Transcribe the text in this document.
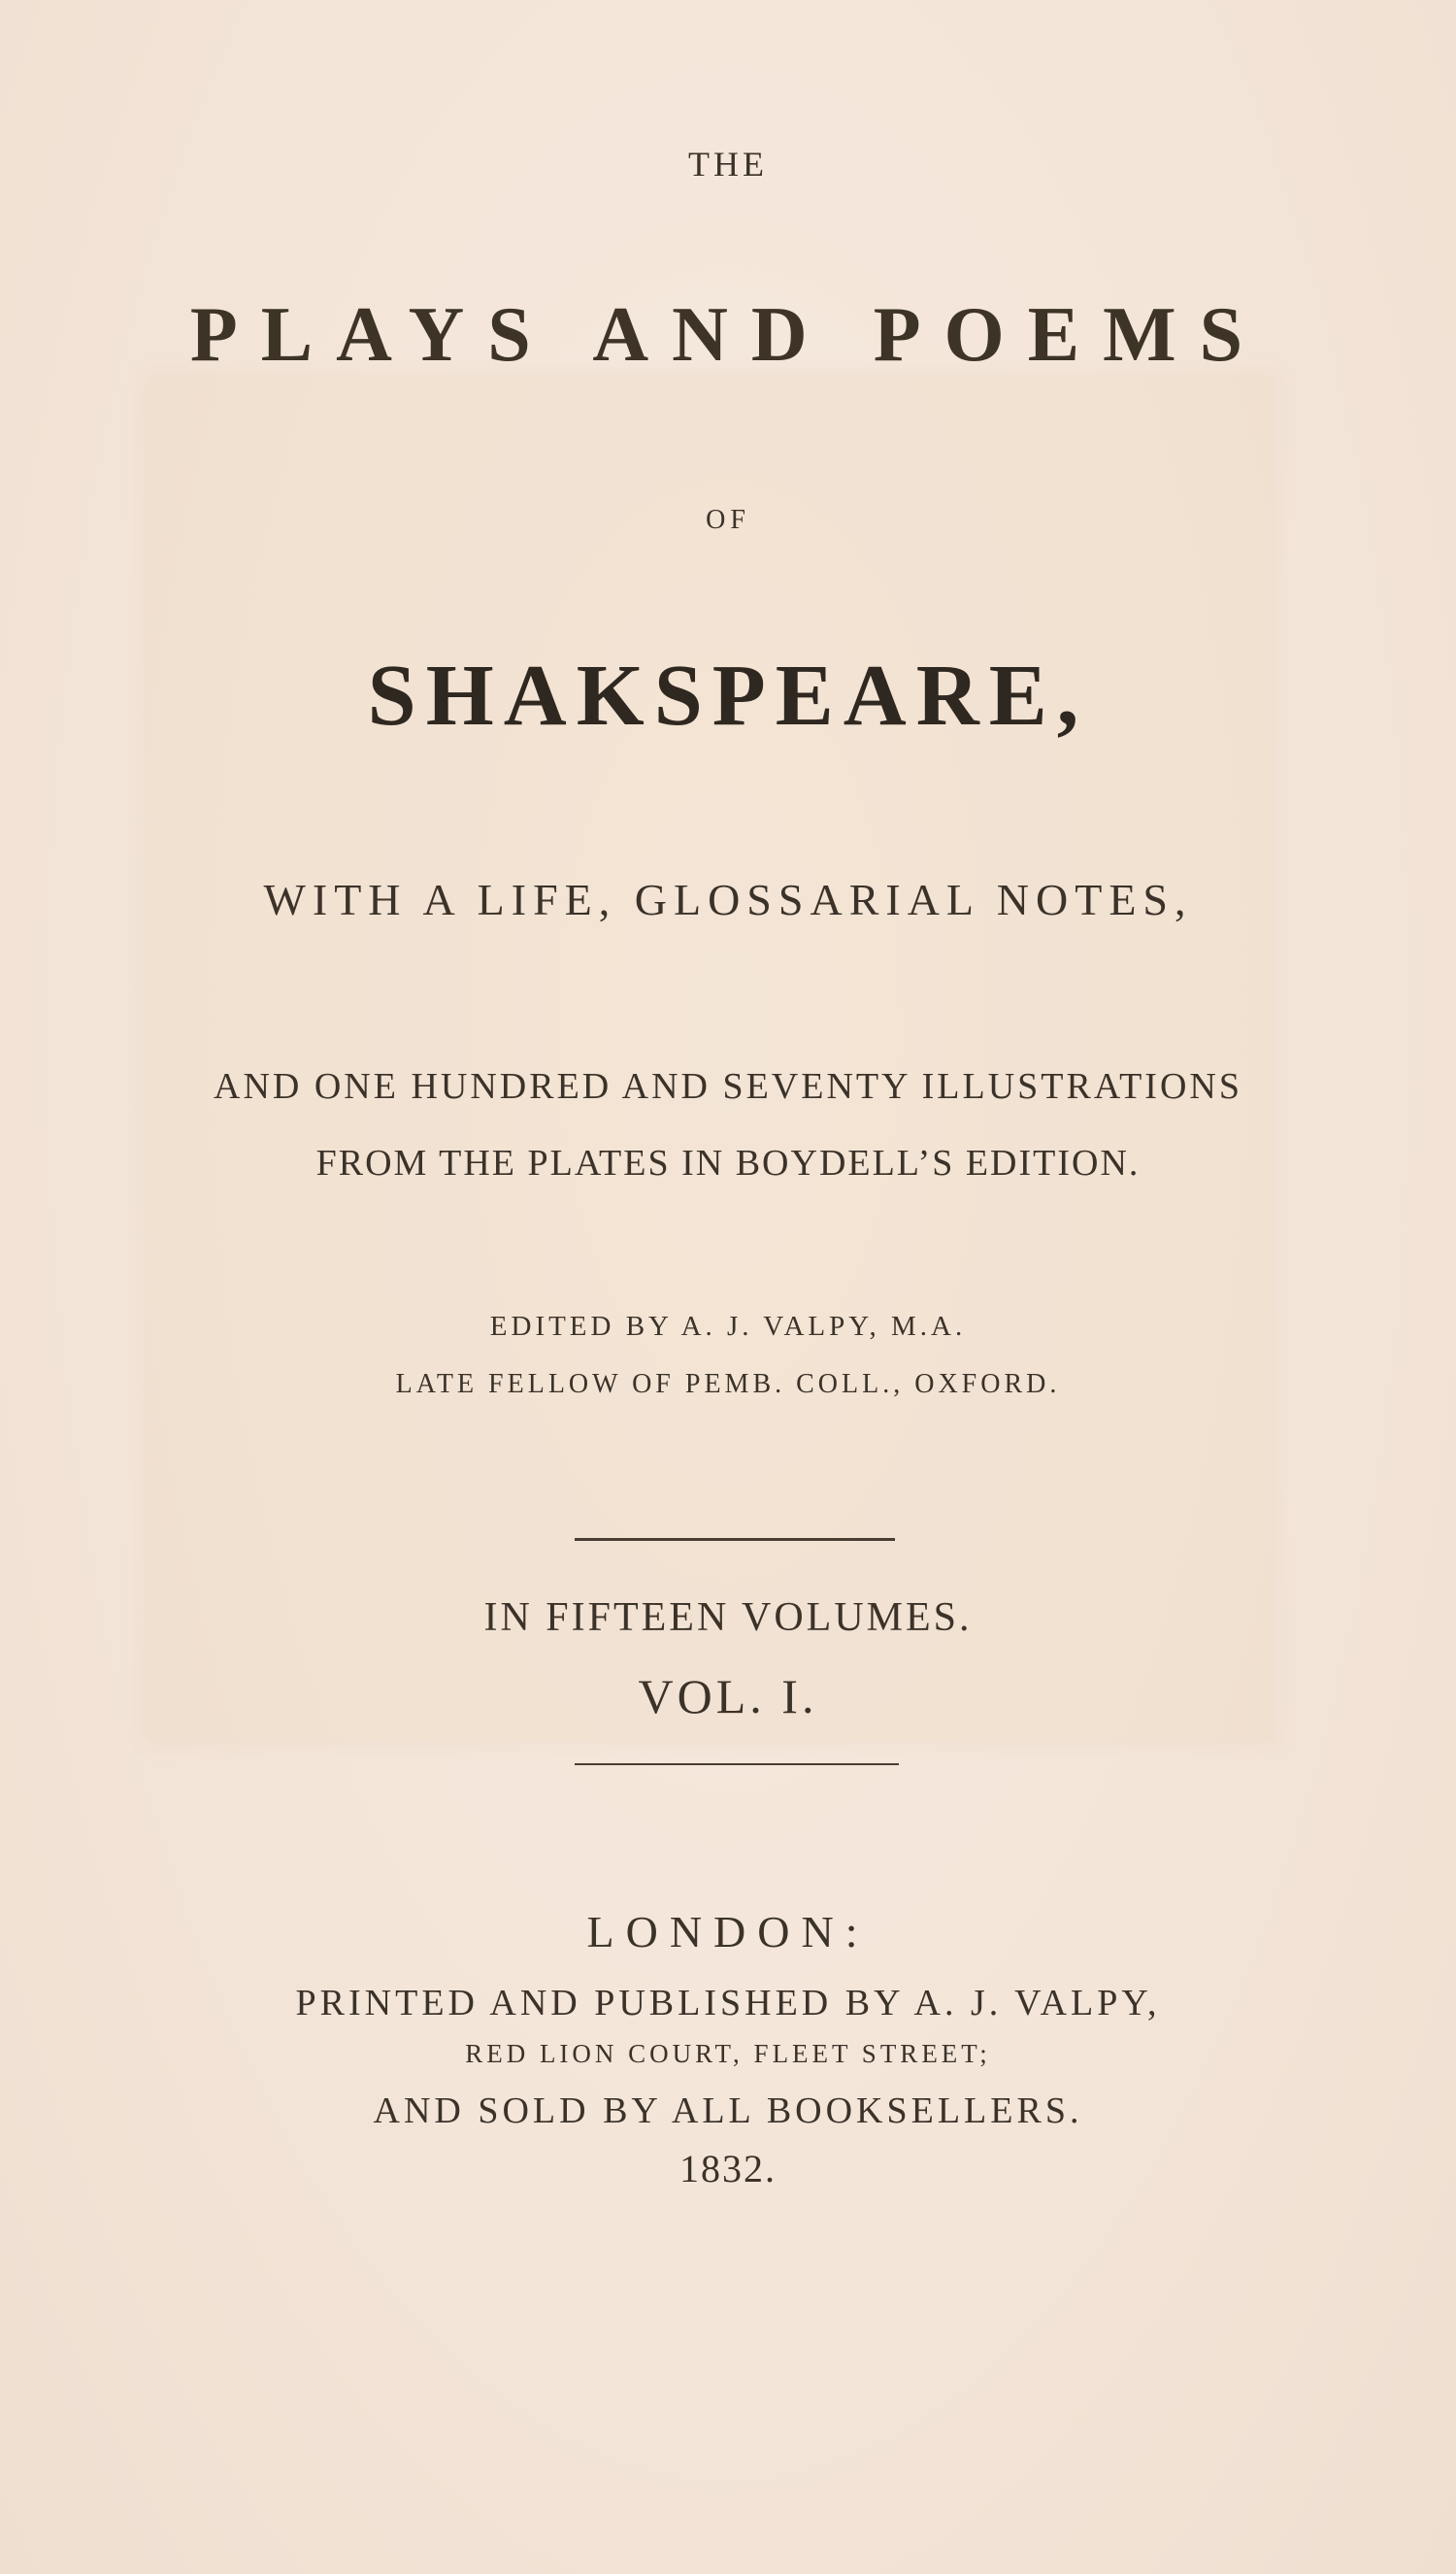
THE
PLAYS AND POEMS
OF
SHAKSPEARE,
WITH A LIFE, GLOSSARIAL NOTES,
AND ONE HUNDRED AND SEVENTY ILLUSTRATIONS
FROM THE PLATES IN BOYDELL’S EDITION.
EDITED BY A. J. VALPY, M.A.
LATE FELLOW OF PEMB. COLL., OXFORD.
IN FIFTEEN VOLUMES.
VOL. I.
LONDON:
PRINTED AND PUBLISHED BY A. J. VALPY,
RED LION COURT, FLEET STREET;
AND SOLD BY ALL BOOKSELLERS.
1832.
